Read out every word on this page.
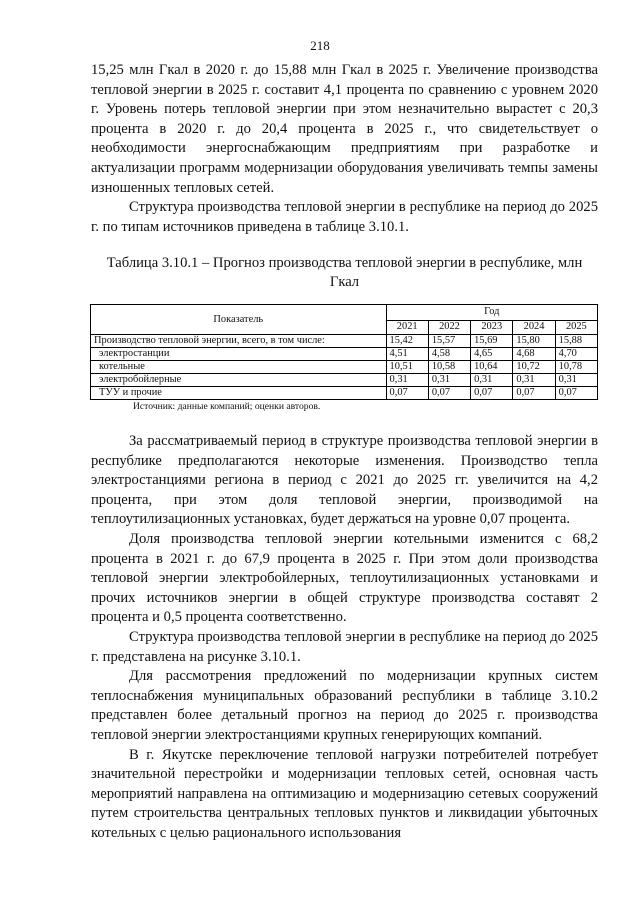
218

15,25 млн Гкал в 2020 г. до 15,88 млн Гкал в 2025 г. Увеличение производства тепловой энергии в 2025 г. составит 4,1 процента по сравнению с уровнем 2020 г. Уровень потерь тепловой энергии при этом незначительно вырастет с 20,3 процента в 2020 г. до 20,4 процента в 2025 г., что свидетельствует о необходимости энергоснабжающим предприятиям при разработке и актуализации программ модернизации оборудования увеличивать темпы замены изношенных тепловых сетей.

Структура производства тепловой энергии в республике на период до 2025 г. по типам источников приведена в таблице 3.10.1.

Таблица 3.10.1 – Прогноз производства тепловой энергии в республике, млн Гкал
Показатель	Год				
	2021	2022	2023	2024	2025
Производство тепловой энергии, всего, в том числе:	15,42	15,57	15,69	15,80	15,88
электростанции	4,51	4,58	4,65	4,68	4,70
котельные	10,51	10,58	10,64	10,72	10,78
электробойлерные	0,31	0,31	0,31	0,31	0,31
ТУУ и прочие	0,07	0,07	0,07	0,07	0,07
Источник: данные компаний; оценки авторов.

За рассматриваемый период в структуре производства тепловой энергии в республике предполагаются некоторые изменения. Производство тепла электростанциями региона в период с 2021 до 2025 гг. увеличится на 4,2 процента, при этом доля тепловой энергии, производимой на теплоутилизационных установках, будет держаться на уровне 0,07 процента.

Доля производства тепловой энергии котельными изменится с 68,2 процента в 2021 г. до 67,9 процента в 2025 г. При этом доли производства тепловой энергии электробойлерных, теплоутилизационных установками и прочих источников энергии в общей структуре производства составят 2 процента и 0,5 процента соответственно.

Структура производства тепловой энергии в республике на период до 2025 г. представлена на рисунке 3.10.1.

Для рассмотрения предложений по модернизации крупных систем теплоснабжения муниципальных образований республики в таблице 3.10.2 представлен более детальный прогноз на период до 2025 г. производства тепловой энергии электростанциями крупных генерирующих компаний.

В г. Якутске переключение тепловой нагрузки потребителей потребует значительной перестройки и модернизации тепловых сетей, основная часть мероприятий направлена на оптимизацию и модернизацию сетевых сооружений путем строительства центральных тепловых пунктов и ликвидации убыточных котельных с целью рационального использования
